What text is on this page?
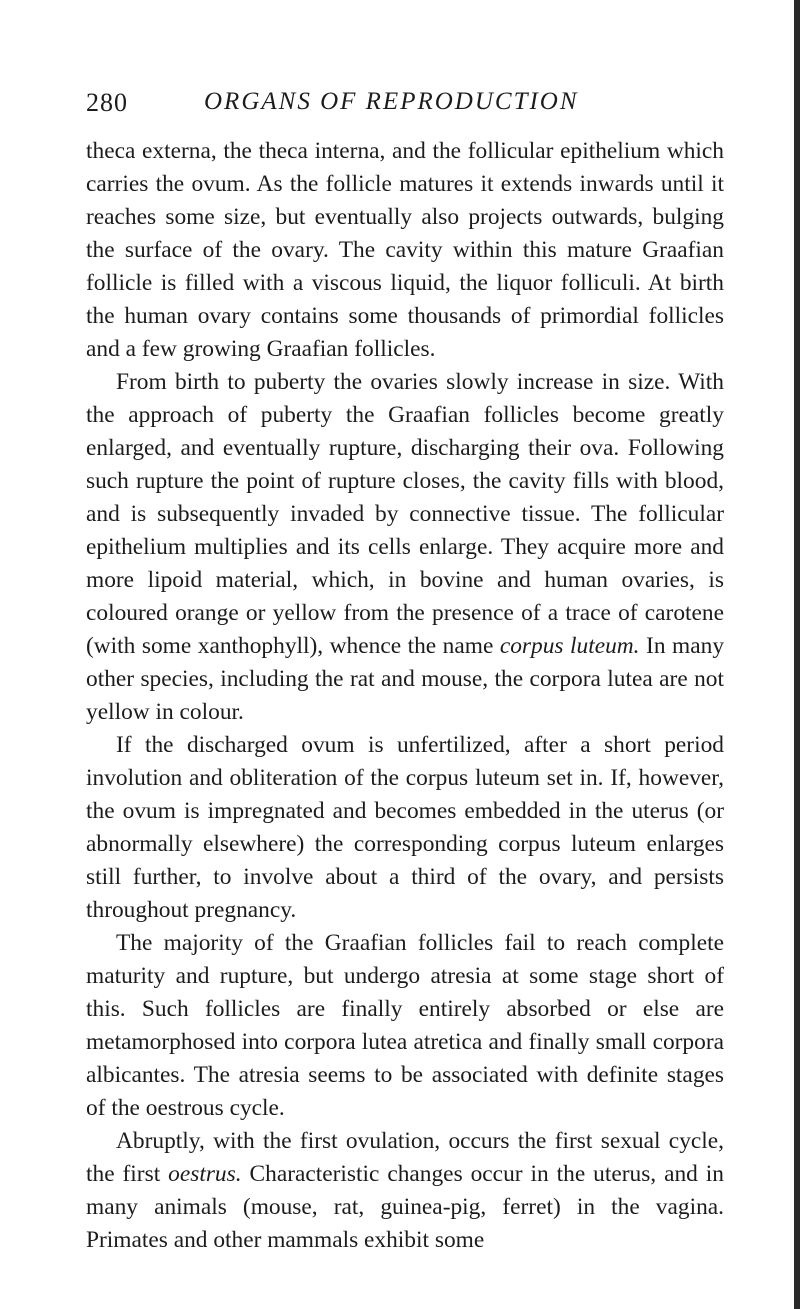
280	ORGANS OF REPRODUCTION

theca externa, the theca interna, and the follicular epithelium which carries the ovum. As the follicle matures it extends inwards until it reaches some size, but eventually also projects outwards, bulging the surface of the ovary. The cavity within this mature Graafian follicle is filled with a viscous liquid, the liquor folliculi. At birth the human ovary contains some thousands of primordial follicles and a few growing Graafian follicles.

From birth to puberty the ovaries slowly increase in size. With the approach of puberty the Graafian follicles become greatly enlarged, and eventually rupture, discharging their ova. Following such rupture the point of rupture closes, the cavity fills with blood, and is subsequently invaded by connective tissue. The follicular epithelium multiplies and its cells enlarge. They acquire more and more lipoid material, which, in bovine and human ovaries, is coloured orange or yellow from the presence of a trace of carotene (with some xanthophyll), whence the name corpus luteum. In many other species, including the rat and mouse, the corpora lutea are not yellow in colour.

If the discharged ovum is unfertilized, after a short period involution and obliteration of the corpus luteum set in. If, however, the ovum is impregnated and becomes embedded in the uterus (or abnormally elsewhere) the corresponding corpus luteum enlarges still further, to involve about a third of the ovary, and persists throughout pregnancy.

The majority of the Graafian follicles fail to reach complete maturity and rupture, but undergo atresia at some stage short of this. Such follicles are finally entirely absorbed or else are metamorphosed into corpora lutea atretica and finally small corpora albicantes. The atresia seems to be associated with definite stages of the oestrous cycle.

Abruptly, with the first ovulation, occurs the first sexual cycle, the first oestrus. Characteristic changes occur in the uterus, and in many animals (mouse, rat, guinea-pig, ferret) in the vagina. Primates and other mammals exhibit some
